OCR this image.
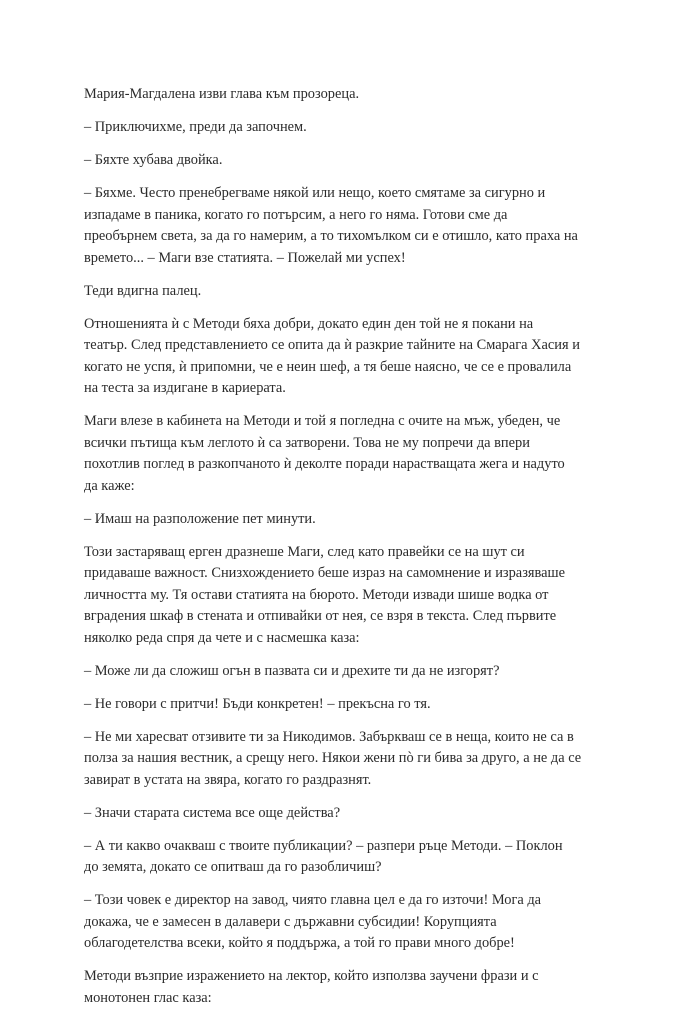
Мария-Магдалена изви глава към прозореца.

– Приключихме, преди да започнем.

– Бяхте хубава двойка.

– Бяхме. Често пренебрегваме някой или нещо, което смятаме за сигурно и
изпадаме в паника, когато го потърсим, а него го няма. Готови сме да
преобърнем света, за да го намерим, а то тихомълком си е отишло, като праха на
времето... – Маги взе статията. – Пожелай ми успех!

Теди вдигна палец.

Отношенията ѝ с Методи бяха добри, докато един ден той не я покани на
театър. След представлението се опита да ѝ разкрие тайните на Смарага Хасия и
когато не успя, ѝ припомни, че е неин шеф, а тя беше наясно, че се е провалила
на теста за издигане в кариерата.

Маги влезе в кабинета на Методи и той я погледна с очите на мъж, убеден, че
всички пътища към леглото ѝ са затворени. Това не му попречи да впери
похотлив поглед в разкопчаното ѝ деколте поради нарастващата жега и надуто
да каже:

– Имаш на разположение пет минути.

Този застаряващ ерген дразнеше Маги, след като правейки се на шут си
придаваше важност. Снизхождението беше израз на самомнение и изразяваше
личността му. Тя остави статията на бюрото. Методи извади шише водка от
вградения шкаф в стената и отпивайки от нея, се взря в текста. След първите
няколко реда спря да чете и с насмешка каза:

– Може ли да сложиш огън в пазвата си и дрехите ти да не изгорят?

– Не говори с притчи! Бъди конкретен! – прекъсна го тя.

– Не ми харесват отзивите ти за Никодимов. Забъркваш се в неща, които не са в
полза за нашия вестник, а срещу него. Някои жени пò ги бива за друго, а не да се
завират в устата на звяра, когато го раздразнят.

– Значи старата система все още действа?

– А ти какво очакваш с твоите публикации? – разпери ръце Методи. – Поклон
до земята, докато се опитваш да го разобличиш?

– Този човек е директор на завод, чиято главна цел е да го източи! Мога да
докажа, че е замесен в далавери с държавни субсидии! Корупцията
облагодетелства всеки, който я поддържа, а той го прави много добре!

Методи възприе изражението на лектор, който използва заучени фрази и с
монотонен глас каза:
